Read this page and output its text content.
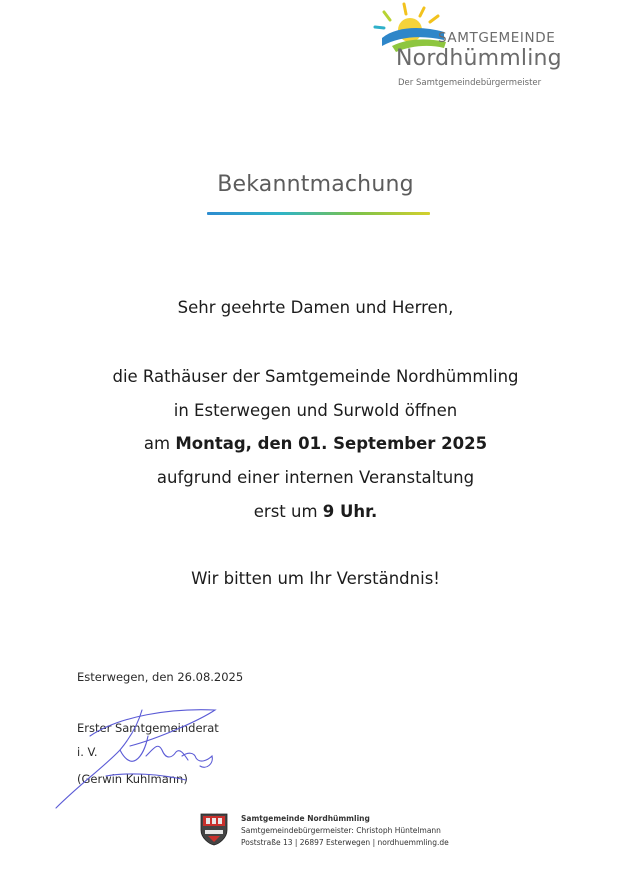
SAMTGEMEINDE
Nordhümmling
Der Samtgemeindebürgermeister
Bekanntmachung
Sehr geehrte Damen und Herren,
die Rathäuser der Samtgemeinde Nordhümmling
in Esterwegen und Surwold öffnen
am Montag, den 01. September 2025
aufgrund einer internen Veranstaltung
erst um 9 Uhr.
Wir bitten um Ihr Verständnis!
Esterwegen, den 26.08.2025
Erster Samtgemeinderat
i. V.
(Gerwin Kuhlmann)
Samtgemeinde Nordhümmling
Samtgemeindebürgermeister: Christoph Hüntelmann
Poststraße 13 | 26897 Esterwegen | nordhuemmling.de
